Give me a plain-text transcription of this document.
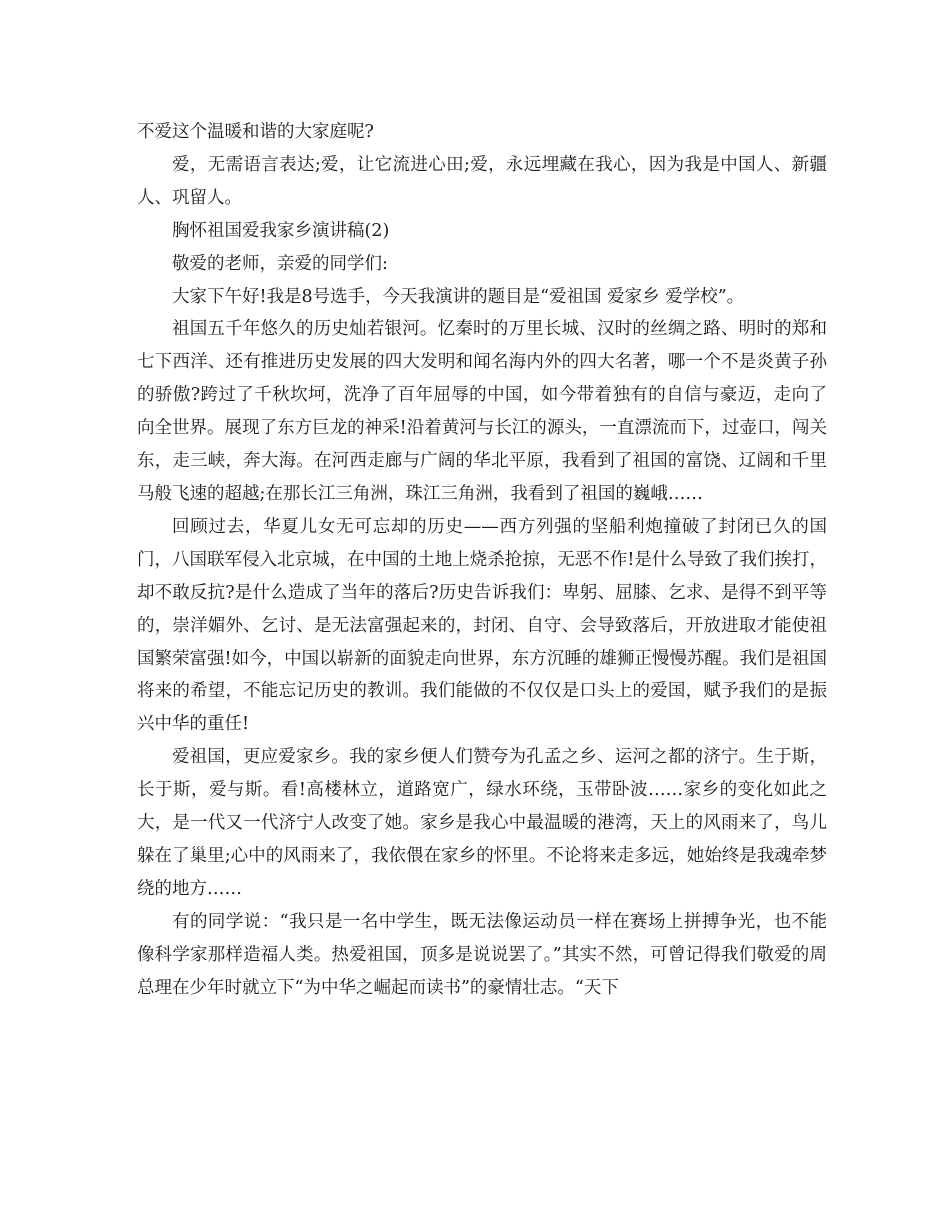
不爱这个温暖和谐的大家庭呢?

爱，无需语言表达;爱，让它流进心田;爱，永远埋藏在我心，因为我是中国人、新疆人、巩留人。

胸怀祖国爱我家乡演讲稿(2)

敬爱的老师，亲爱的同学们:

大家下午好!我是8号选手，今天我演讲的题目是“爱祖国 爱家乡 爱学校”。

祖国五千年悠久的历史灿若银河。忆秦时的万里长城、汉时的丝绸之路、明时的郑和七下西洋、还有推进历史发展的四大发明和闻名海内外的四大名著，哪一个不是炎黄子孙的骄傲?跨过了千秋坎坷，洗净了百年屈辱的中国，如今带着独有的自信与豪迈，走向了向全世界。展现了东方巨龙的神采!沿着黄河与长江的源头，一直漂流而下，过壶口，闯关东，走三峡，奔大海。在河西走廊与广阔的华北平原，我看到了祖国的富饶、辽阔和千里马般飞速的超越;在那长江三角洲，珠江三角洲，我看到了祖国的巍峨……

回顾过去，华夏儿女无可忘却的历史——西方列强的坚船利炮撞破了封闭已久的国门，八国联军侵入北京城，在中国的土地上烧杀抢掠，无恶不作!是什么导致了我们挨打，却不敢反抗?是什么造成了当年的落后?历史告诉我们：卑躬、屈膝、乞求、是得不到平等的，崇洋媚外、乞讨、是无法富强起来的，封闭、自守、会导致落后，开放进取才能使祖国繁荣富强!如今，中国以崭新的面貌走向世界，东方沉睡的雄狮正慢慢苏醒。我们是祖国将来的希望，不能忘记历史的教训。我们能做的不仅仅是口头上的爱国，赋予我们的是振兴中华的重任!

爱祖国，更应爱家乡。我的家乡便人们赞夸为孔孟之乡、运河之都的济宁。生于斯，长于斯，爱与斯。看!高楼林立，道路宽广，绿水环绕，玉带卧波……家乡的变化如此之大，是一代又一代济宁人改变了她。家乡是我心中最温暖的港湾，天上的风雨来了，鸟儿躲在了巢里;心中的风雨来了，我依偎在家乡的怀里。不论将来走多远，她始终是我魂牵梦绕的地方……

有的同学说：“我只是一名中学生，既无法像运动员一样在赛场上拼搏争光，也不能像科学家那样造福人类。热爱祖国，顶多是说说罢了。”其实不然，可曾记得我们敬爱的周总理在少年时就立下“为中华之崛起而读书”的豪情壮志。“天下
